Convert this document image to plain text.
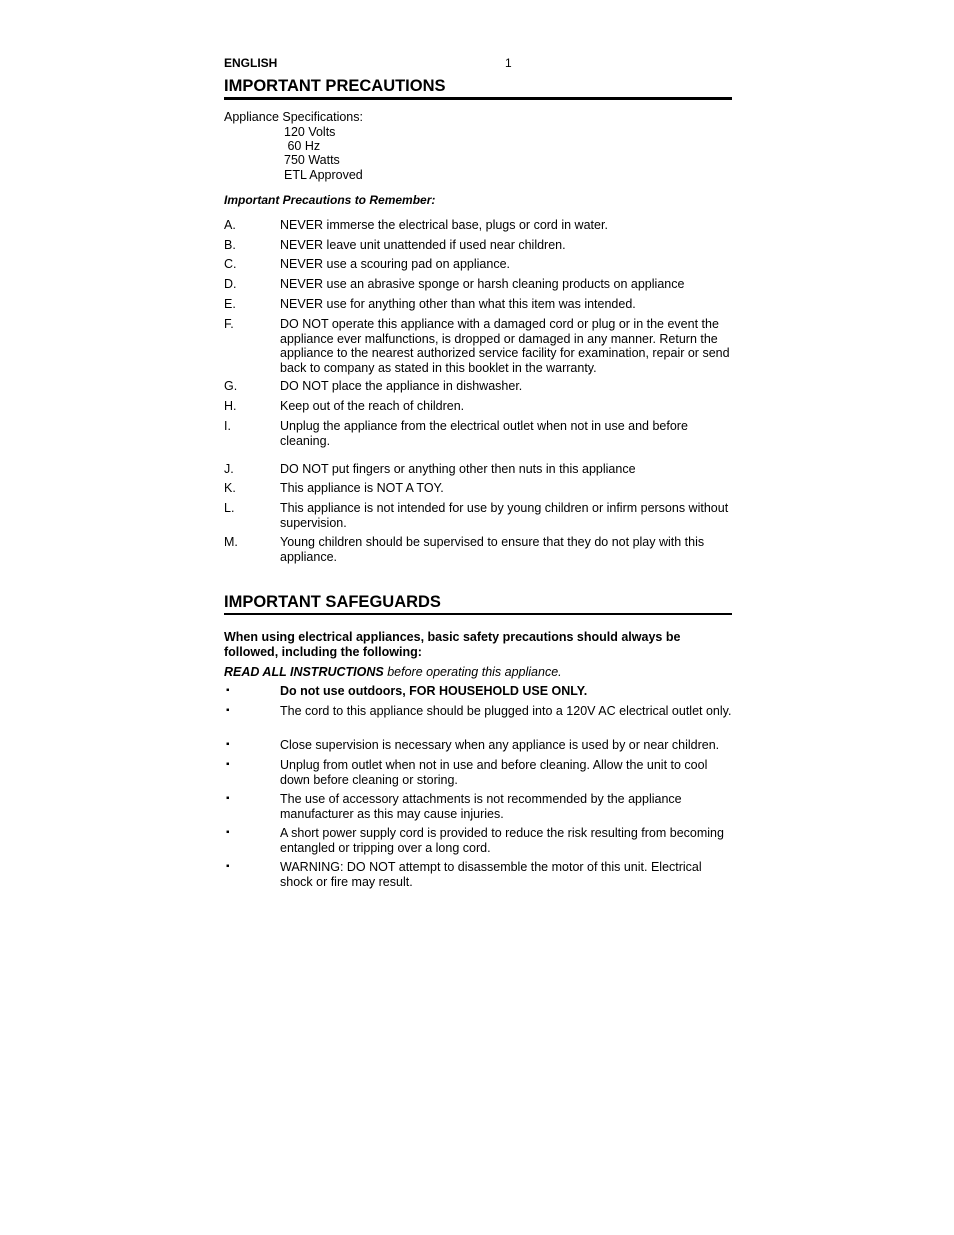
ENGLISH	1
IMPORTANT PRECAUTIONS
Appliance Specifications:
120 Volts
60 Hz
750 Watts
ETL Approved
Important Precautions to Remember:
A.	NEVER immerse the electrical base, plugs or cord in water.
B.	NEVER leave unit unattended if used near children.
C.	NEVER use a scouring pad on appliance.
D.	NEVER use an abrasive sponge or harsh cleaning products on appliance
E.	NEVER use for anything other than what this item was intended.
F.	DO NOT operate this appliance with a damaged cord or plug or in the event the appliance ever malfunctions, is dropped or damaged in any manner. Return the appliance to the nearest authorized service facility for examination, repair or send back to company as stated in this booklet in the warranty.
G.	DO NOT place the appliance in dishwasher.
H.	Keep out of the reach of children.
I.	Unplug the appliance from the electrical outlet when not in use and before cleaning.
J.	DO NOT put fingers or anything other then nuts in this appliance
K.	This appliance is NOT A TOY.
L.	This appliance is not intended for use by young children or infirm persons without supervision.
M.	Young children should be supervised to ensure that they do not play with this appliance.
IMPORTANT SAFEGUARDS
When using electrical appliances, basic safety precautions should always be followed, including the following:
READ ALL INSTRUCTIONS before operating this appliance.
▪	Do not use outdoors, FOR HOUSEHOLD USE ONLY.
▪	The cord to this appliance should be plugged into a 120V AC electrical outlet only.
▪	Close supervision is necessary when any appliance is used by or near children.
▪	Unplug from outlet when not in use and before cleaning. Allow the unit to cool down before cleaning or storing.
▪	The use of accessory attachments is not recommended by the appliance manufacturer as this may cause injuries.
▪	A short power supply cord is provided to reduce the risk resulting from becoming entangled or tripping over a long cord.
▪	WARNING: DO NOT attempt to disassemble the motor of this unit. Electrical shock or fire may result.
